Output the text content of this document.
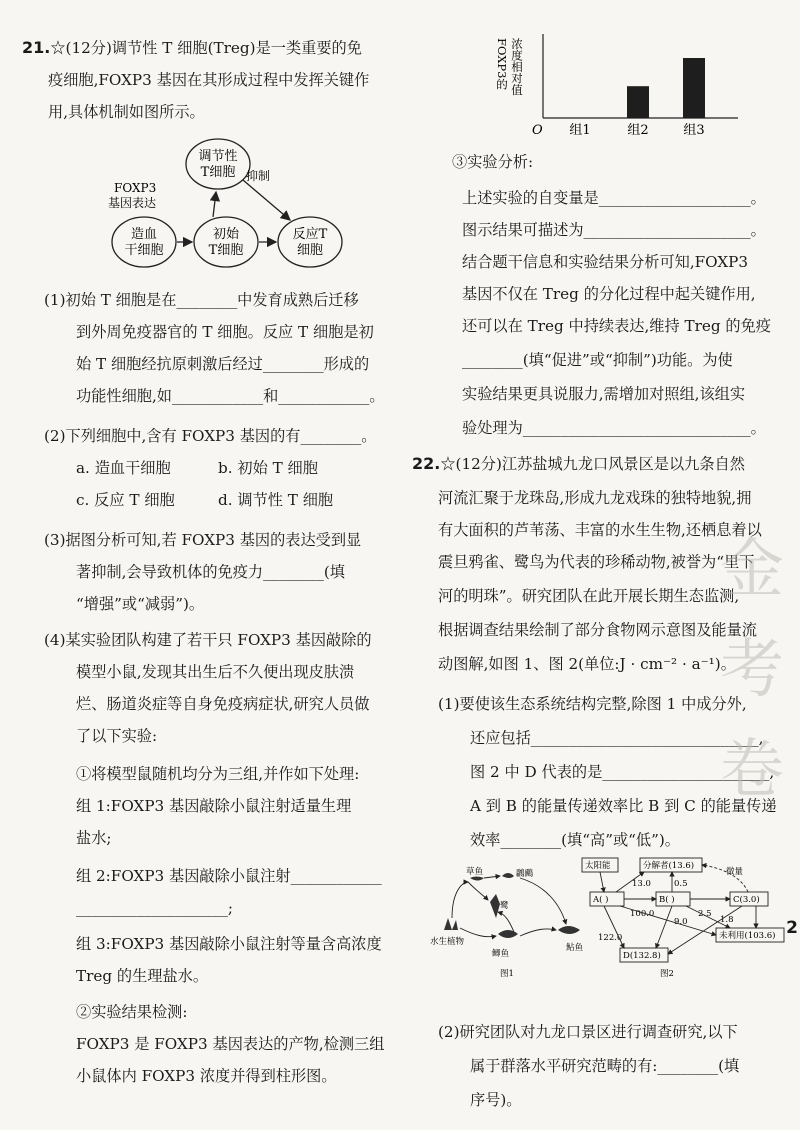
21.☆(12分)调节性 T 细胞(Treg)是一类重要的免
疫细胞,FOXP3 基因在其形成过程中发挥关键作
用,具体机制如图所示。
调节性
T细胞
造血
干细胞
初始
T细胞
反应T
细胞
FOXP3
基因表达
抑制
(1)初始 T 细胞是在________中发育成熟后迁移
到外周免疫器官的 T 细胞。反应 T 细胞是初
始 T 细胞经抗原刺激后经过________形成的
功能性细胞,如____________和____________。
(2)下列细胞中,含有 FOXP3 基因的有________。
a. 造血干细胞	b. 初始 T 细胞
c. 反应 T 细胞	d. 调节性 T 细胞
(3)据图分析可知,若 FOXP3 基因的表达受到显
著抑制,会导致机体的免疫力________(填
“增强”或“减弱”)。
(4)某实验团队构建了若干只 FOXP3 基因敲除的
模型小鼠,发现其出生后不久便出现皮肤溃
烂、肠道炎症等自身免疫病症状,研究人员做
了以下实验:
①将模型鼠随机均分为三组,并作如下处理:
组 1:FOXP3 基因敲除小鼠注射适量生理
盐水;
组 2:FOXP3 基因敲除小鼠注射____________
____________________;
组 3:FOXP3 基因敲除小鼠注射等量含高浓度
Treg 的生理盐水。
②实验结果检测:
FOXP3 是 FOXP3 基因表达的产物,检测三组
小鼠体内 FOXP3 浓度并得到柱形图。
FOXP3的 浓度相对值
O 组1	组2	组3
③实验分析:
上述实验的自变量是____________________。
图示结果可描述为______________________。
结合题干信息和实验结果分析可知,FOXP3
基因不仅在 Treg 的分化过程中起关键作用,
还可以在 Treg 中持续表达,维持 Treg 的免疫
________(填“促进”或“抑制”)功能。为使
实验结果更具说服力,需增加对照组,该组实
验处理为______________________________。
22.☆(12分)江苏盐城九龙口风景区是以九条自然
河流汇聚于龙珠岛,形成九龙戏珠的独特地貌,拥
有大面积的芦苇荡、丰富的水生生物,还栖息着以
震旦鸦雀、鹭鸟为代表的珍稀动物,被誉为“里下
河的明珠”。研究团队在此开展长期生态监测,
根据调查结果绘制了部分食物网示意图及能量流
动图解,如图 1、图 2(单位:J · cm⁻² · a⁻¹)。
(1)要使该生态系统结构完整,除图 1 中成分外,
还应包括______________________________,
图 2 中 D 代表的是______________________,
A 到 B 的能量传递效率比 B 到 C 的能量传递
效率________(填“高”或“低”)。
草鱼	鸊鷉
鹭
水生植物
鲫鱼
鲇鱼
图1
太阳能	分解者(13.6)
微量
A( )	B( )	C(3.0)
未利用(103.6)
D(132.8)
13.0	0.5
100.0	2.5
9.0	1.8
122.0
图2
(2)研究团队对九龙口景区进行调查研究,以下
属于群落水平研究范畴的有:________(填
序号)。
2
金
考
卷
